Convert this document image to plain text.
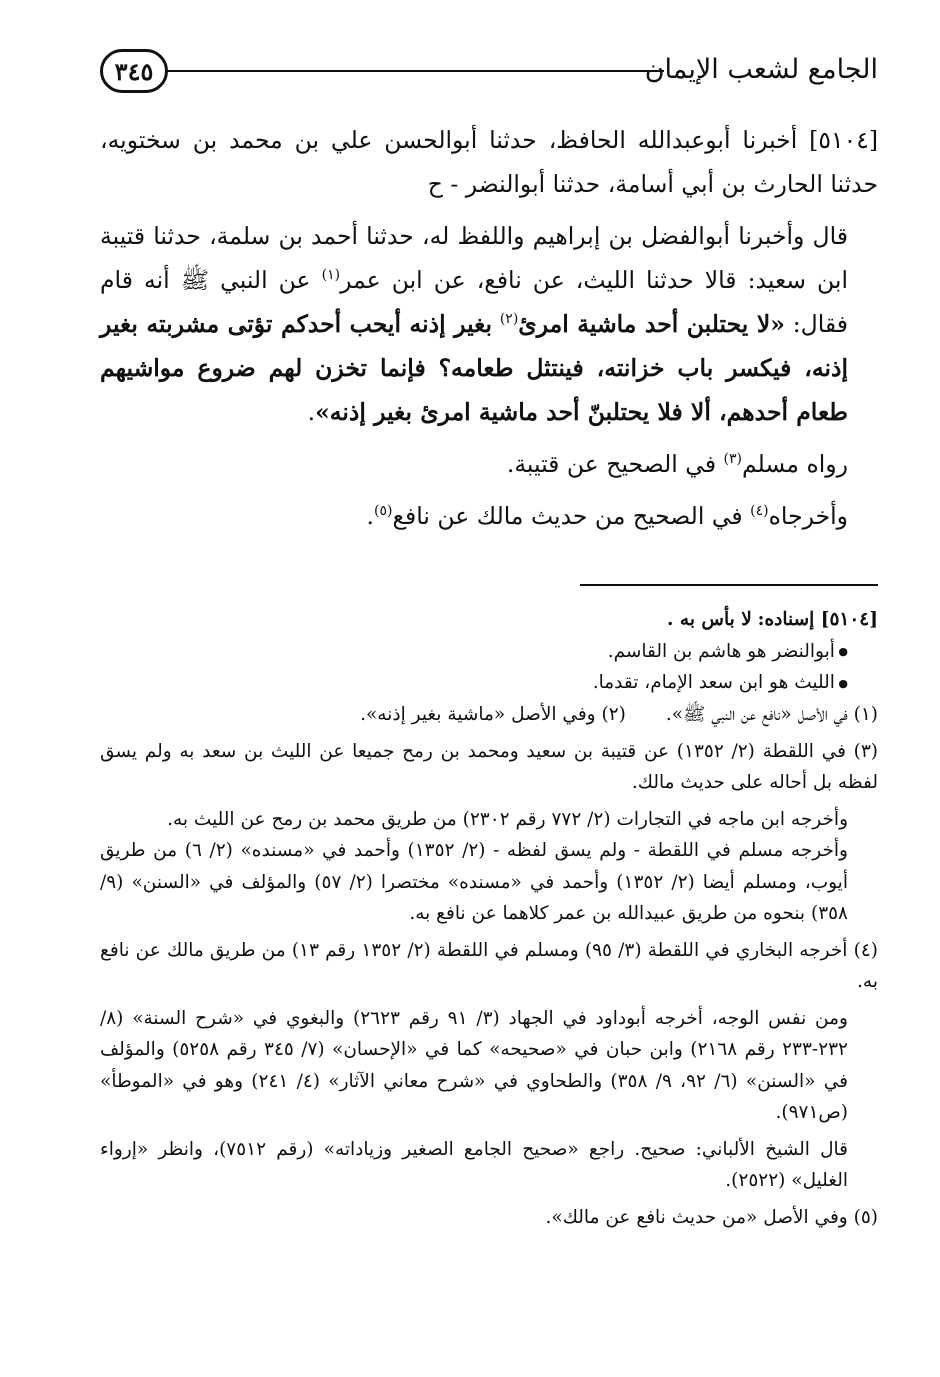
الجامع لشعب الإيمان
٣٤٥

[٥١٠٤] أخبرنا أبوعبدالله الحافظ، حدثنا أبوالحسن علي بن محمد بن سختويه، حدثنا الحارث بن أبي أسامة، حدثنا أبوالنضر - ح

قال وأخبرنا أبوالفضل بن إبراهيم واللفظ له، حدثنا أحمد بن سلمة، حدثنا قتيبة ابن سعيد: قالا حدثنا الليث، عن نافع، عن ابن عمر$^{(١)}$ عن النبي ﷺ أنه قام فقال: «لا يحتلبن أحد ماشية امرئ$^{(٢)}$ بغير إذنه أيحب أحدكم تؤتى مشربته بغير إذنه، فيكسر باب خزانته، فينتثل طعامه؟ فإنما تخزن لهم ضروع مواشيهم طعام أحدهم، ألا فلا يحتلبنّ أحد ماشية امرئ بغير إذنه».

رواه مسلم$^{(٣)}$ في الصحيح عن قتيبة.

وأخرجاه$^{(٤)}$ في الصحيح من حديث مالك عن نافع$^{(٥)}$.

[٥١٠٤] إسناده: لا بأس به .

● أبوالنضر هو هاشم بن القاسم.

● الليث هو ابن سعد الإمام، تقدما.

(١) في الأصل «نافع عن النبي ﷺ».
(٢) وفي الأصل «ماشية بغير إذنه».

(٣) في اللقطة (٢/ ١٣٥٢) عن قتيبة بن سعيد ومحمد بن رمح جميعا عن الليث بن سعد به ولم يسق لفظه بل أحاله على حديث مالك.

وأخرجه ابن ماجه في التجارات (٢/ ٧٧٢ رقم ٢٣٠٢) من طريق محمد بن رمح عن الليث به.

وأخرجه مسلم في اللقطة - ولم يسق لفظه - (٢/ ١٣٥٢) وأحمد في «مسنده» (٢/ ٦) من طريق أيوب، ومسلم أيضا (٢/ ١٣٥٢) وأحمد في «مسنده» مختصرا (٢/ ٥٧) والمؤلف في «السنن» (٩/ ٣٥٨) بنحوه من طريق عبيدالله بن عمر كلاهما عن نافع به.

(٤) أخرجه البخاري في اللقطة (٣/ ٩٥) ومسلم في اللقطة (٢/ ١٣٥٢ رقم ١٣) من طريق مالك عن نافع به.

ومن نفس الوجه، أخرجه أبوداود في الجهاد (٣/ ٩١ رقم ٢٦٢٣) والبغوي في «شرح السنة» (٨/ ٢٣٢-٢٣٣ رقم ٢١٦٨) وابن حبان في «صحيحه» كما في «الإحسان» (٧/ ٣٤٥ رقم ٥٢٥٨) والمؤلف في «السنن» (٦/ ٩٢، ٩/ ٣٥٨) والطحاوي في «شرح معاني الآثار» (٤/ ٢٤١) وهو في «الموطأ» (ص٩٧١).

قال الشيخ الألباني: صحيح. راجع «صحيح الجامع الصغير وزياداته» (رقم ٧٥١٢)، وانظر «إرواء الغليل» (٢٥٢٢).

(٥) وفي الأصل «من حديث نافع عن مالك».
